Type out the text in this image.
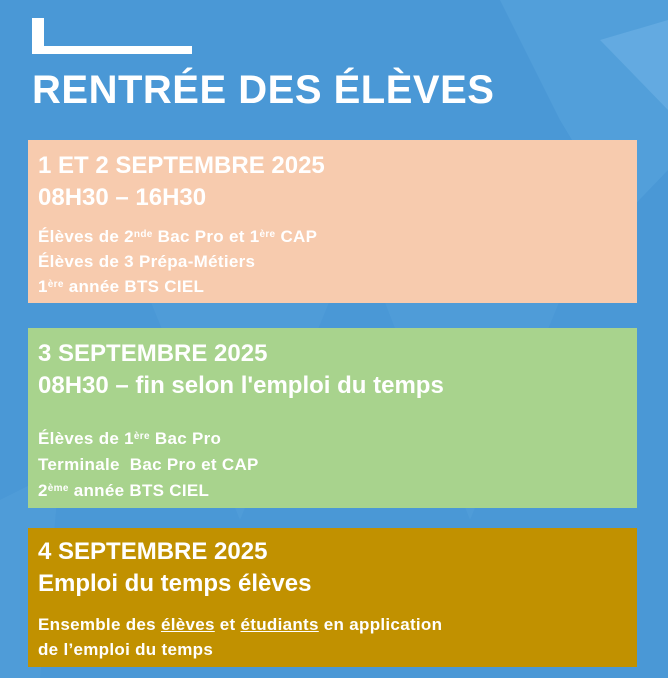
RENTRÉE DES ÉLÈVES
1 ET 2 SEPTEMBRE 2025
08H30 – 16H30
Élèves de 2nde Bac Pro et 1ère CAP
Élèves de 3 Prépa-Métiers
1ère année BTS CIEL
3 SEPTEMBRE 2025
08H30 – fin selon l'emploi du temps
Élèves de 1ère Bac Pro
Terminale  Bac Pro et CAP
2ème année BTS CIEL
4 SEPTEMBRE 2025
Emploi du temps élèves
Ensemble des élèves et étudiants en application
de l’emploi du temps
